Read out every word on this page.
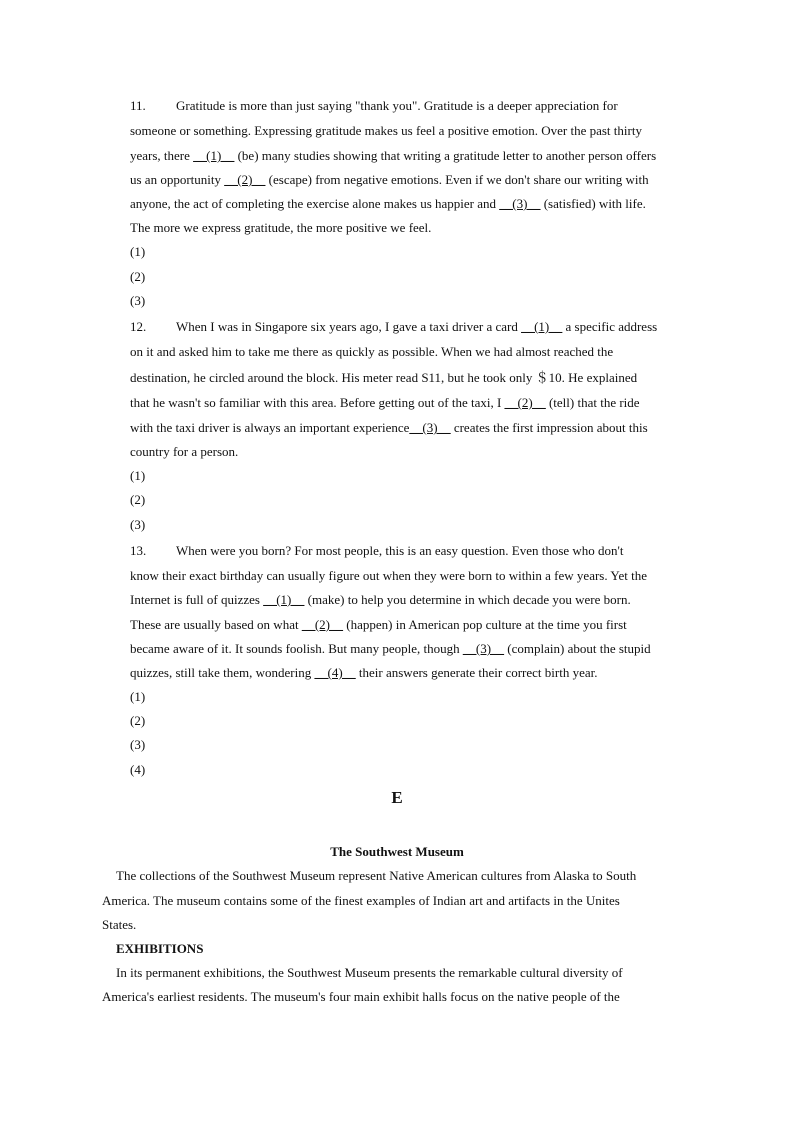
11. Gratitude is more than just saying "thank you". Gratitude is a deeper appreciation for
someone or something. Expressing gratitude makes us feel a positive emotion. Over the past thirty
years, there __(1)__ (be) many studies showing that writing a gratitude letter to another person offers
us an opportunity __(2)__ (escape) from negative emotions. Even if we don't share our writing with
anyone, the act of completing the exercise alone makes us happier and __(3)__ (satisfied) with life.
The more we express gratitude, the more positive we feel.
(1)
(2)
(3)
12. When I was in Singapore six years ago, I gave a taxi driver a card __(1)__ a specific address
on it and asked him to take me there as quickly as possible. When we had almost reached the
destination, he circled around the block. His meter read S11, but he took only ＄10. He explained
that he wasn't so familiar with this area. Before getting out of the taxi, I __(2)__ (tell) that the ride
with the taxi driver is always an important experience__(3)__ creates the first impression about this
country for a person.
(1)
(2)
(3)
13. When were you born? For most people, this is an easy question. Even those who don't
know their exact birthday can usually figure out when they were born to within a few years. Yet the
Internet is full of quizzes __(1)__ (make) to help you determine in which decade you were born.
These are usually based on what __(2)__ (happen) in American pop culture at the time you first
became aware of it. It sounds foolish. But many people, though __(3)__ (complain) about the stupid
quizzes, still take them, wondering __(4)__ their answers generate their correct birth year.
(1)
(2)
(3)
(4)
E
The Southwest Museum
The collections of the Southwest Museum represent Native American cultures from Alaska to South
America. The museum contains some of the finest examples of Indian art and artifacts in the Unites
States.
EXHIBITIONS
In its permanent exhibitions, the Southwest Museum presents the remarkable cultural diversity of
America's earliest residents. The museum's four main exhibit halls focus on the native people of the
